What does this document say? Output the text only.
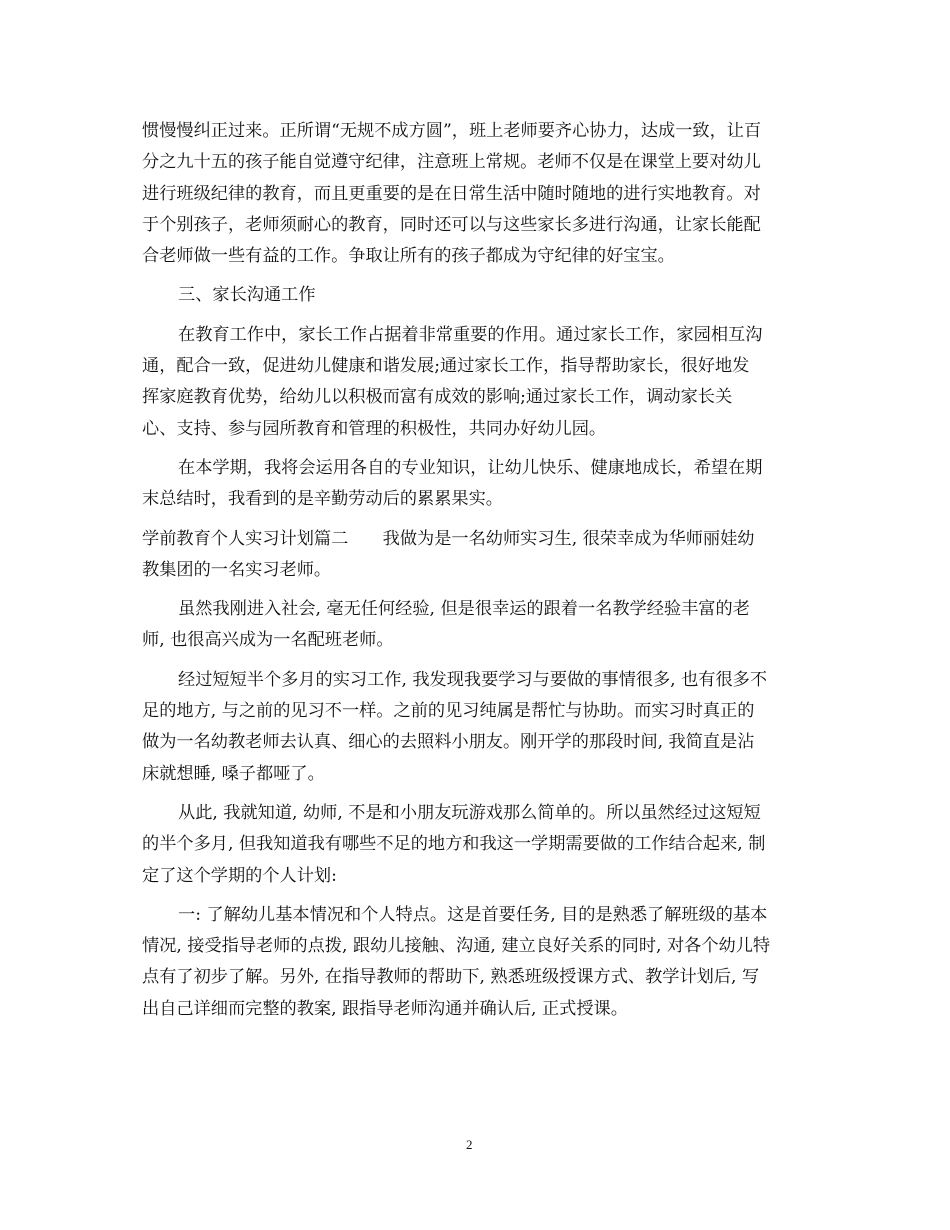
惯慢慢纠正过来。正所谓“无规不成方圆”，班上老师要齐心协力，达成一致，让百
分之九十五的孩子能自觉遵守纪律，注意班上常规。老师不仅是在课堂上要对幼儿
进行班级纪律的教育，而且更重要的是在日常生活中随时随地的进行实地教育。对
于个别孩子，老师须耐心的教育，同时还可以与这些家长多进行沟通，让家长能配
合老师做一些有益的工作。争取让所有的孩子都成为守纪律的好宝宝。
三、家长沟通工作
在教育工作中，家长工作占据着非常重要的作用。通过家长工作，家园相互沟
通，配合一致，促进幼儿健康和谐发展;通过家长工作，指导帮助家长，很好地发
挥家庭教育优势，给幼儿以积极而富有成效的影响;通过家长工作，调动家长关
心、支持、参与园所教育和管理的积极性，共同办好幼儿园。
在本学期，我将会运用各自的专业知识，让幼儿快乐、健康地成长，希望在期
末总结时，我看到的是辛勤劳动后的累累果实。
学前教育个人实习计划篇二　　我做为是一名幼师实习生, 很荣幸成为华师丽娃幼
教集团的一名实习老师。
虽然我刚进入社会, 毫无任何经验, 但是很幸运的跟着一名教学经验丰富的老
师, 也很高兴成为一名配班老师。
经过短短半个多月的实习工作, 我发现我要学习与要做的事情很多, 也有很多不
足的地方, 与之前的见习不一样。之前的见习纯属是帮忙与协助。而实习时真正的
做为一名幼教老师去认真、细心的去照料小朋友。刚开学的那段时间, 我简直是沾
床就想睡, 嗓子都哑了。
从此, 我就知道, 幼师, 不是和小朋友玩游戏那么简单的。所以虽然经过这短短
的半个多月, 但我知道我有哪些不足的地方和我这一学期需要做的工作结合起来, 制
定了这个学期的个人计划:
一: 了解幼儿基本情况和个人特点。这是首要任务, 目的是熟悉了解班级的基本
情况, 接受指导老师的点拨, 跟幼儿接触、沟通, 建立良好关系的同时, 对各个幼儿特
点有了初步了解。另外, 在指导教师的帮助下, 熟悉班级授课方式、教学计划后, 写
出自己详细而完整的教案, 跟指导老师沟通并确认后, 正式授课。
2
